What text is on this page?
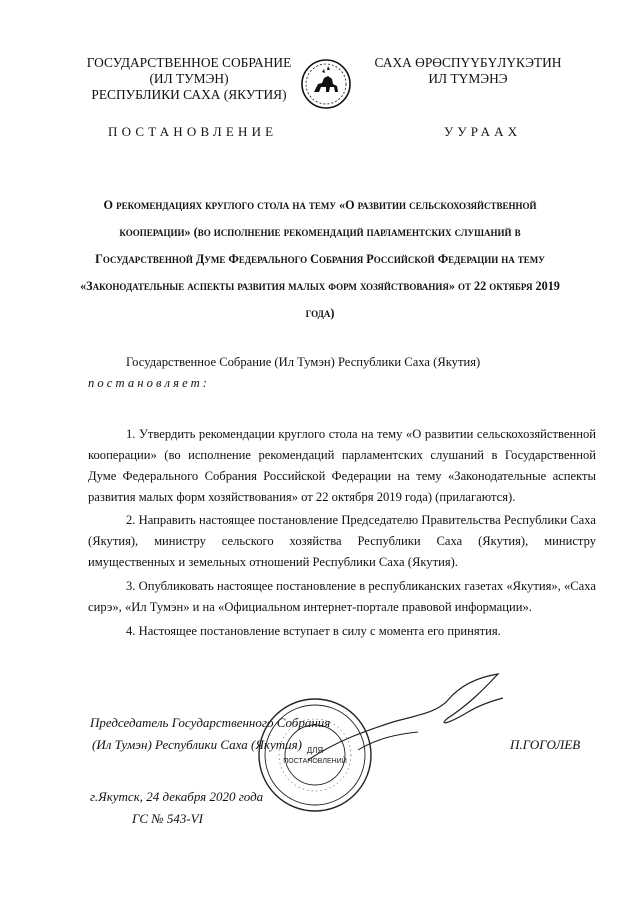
ГОСУДАРСТВЕННОЕ СОБРАНИЕ
(ИЛ ТУМЭН)
РЕСПУБЛИКИ САХА (ЯКУТИЯ)
САХА ӨРӨСПҮҮБҮЛҮКЭТИН
ИЛ ТҮМЭНЭ
ПОСТАНОВЛЕНИЕ	УУРААХ
О рекомендациях круглого стола на тему «О развитии сельскохозяйственной кооперации» (во исполнение рекомендаций парламентских слушаний в Государственной Думе Федерального Собрания Российской Федерации на тему «Законодательные аспекты развития малых форм хозяйствования» от 22 октября 2019 года)
Государственное Собрание (Ил Тумэн) Республики Саха (Якутия)
постановляет:
1. Утвердить рекомендации круглого стола на тему «О развитии сельскохозяйственной кооперации» (во исполнение рекомендаций парламентских слушаний в Государственной Думе Федерального Собрания Российской Федерации на тему «Законодательные аспекты развития малых форм хозяйствования» от 22 октября 2019 года) (прилагаются).
2. Направить настоящее постановление Председателю Правительства Республики Саха (Якутия), министру сельского хозяйства Республики Саха (Якутия), министру имущественных и земельных отношений Республики Саха (Якутия).
3. Опубликовать настоящее постановление в республиканских газетах «Якутия», «Саха сирэ», «Ил Тумэн» и на «Официальном интернет-портале правовой информации».
4. Настоящее постановление вступает в силу с момента его принятия.
Председатель Государственного Собрания
(Ил Тумэн) Республики Саха (Якутия)	П.ГОГОЛЕВ
ДЛЯ
ПОСТАНОВЛЕНИЙ
г.Якутск, 24 декабря 2020 года
ГС № 543-VI
